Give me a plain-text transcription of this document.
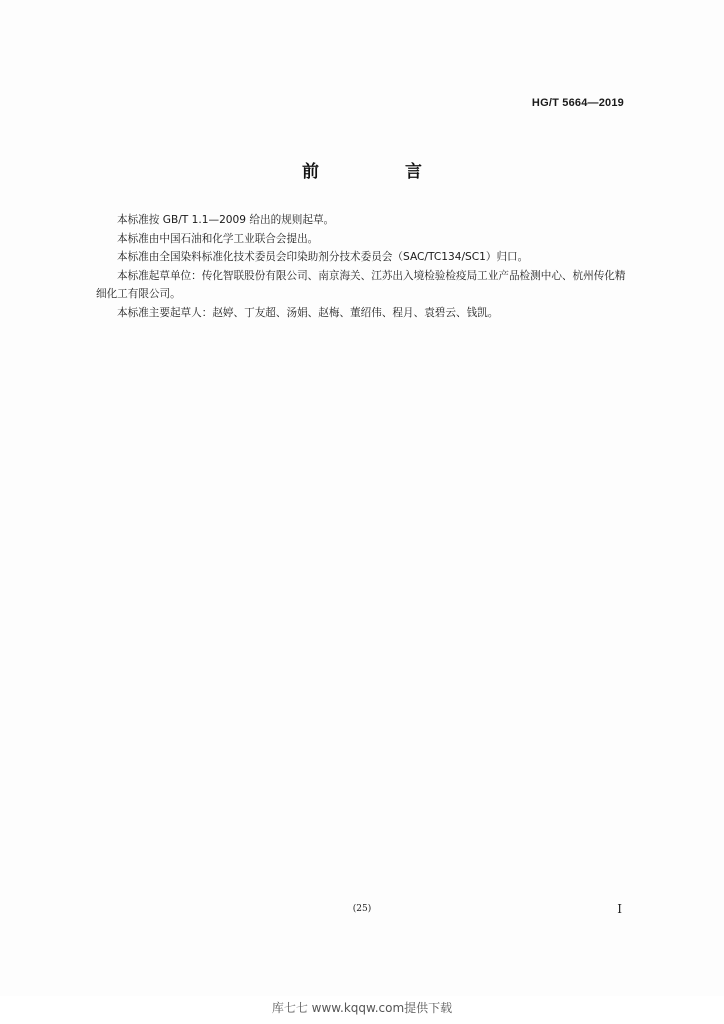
HG/T 5664—2019
前 言

本标准按 GB/T 1.1—2009 给出的规则起草。

本标准由中国石油和化学工业联合会提出。

本标准由全国染料标准化技术委员会印染助剂分技术委员会（SAC/TC134/SC1）归口。

本标准起草单位：传化智联股份有限公司、南京海关、江苏出入境检验检疫局工业产品检测中心、杭州传化精细化工有限公司。

本标准主要起草人：赵婷、丁友超、汤娟、赵梅、董绍伟、程月、袁碧云、钱凯。

(25)	I
库七七 www.kqqw.com提供下载
